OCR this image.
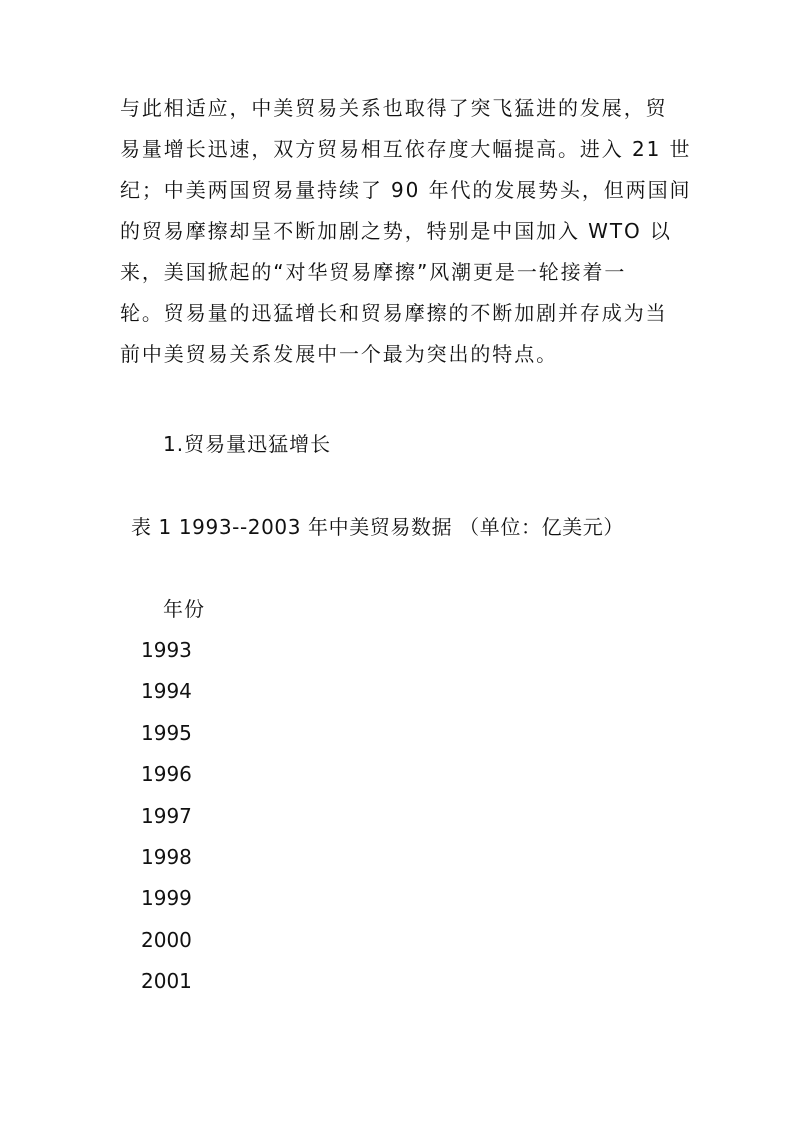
与此相适应，中美贸易关系也取得了突飞猛进的发展，贸
易量增长迅速，双方贸易相互依存度大幅提高。进入 21 世
纪；中美两国贸易量持续了 90 年代的发展势头，但两国间
的贸易摩擦却呈不断加剧之势，特别是中国加入 WTO 以
来，美国掀起的“对华贸易摩擦”风潮更是一轮接着一
轮。贸易量的迅猛增长和贸易摩擦的不断加剧并存成为当
前中美贸易关系发展中一个最为突出的特点。
1.贸易量迅猛增长
表 1 1993--2003 年中美贸易数据 （单位：亿美元）
年份
1993
1994
1995
1996
1997
1998
1999
2000
2001
